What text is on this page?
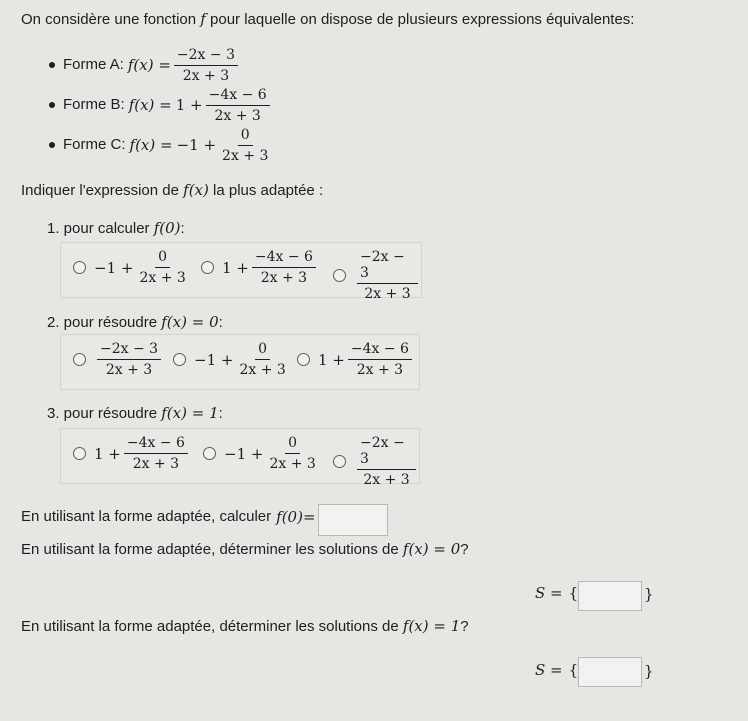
On considère une fonction f pour laquelle on dispose de plusieurs expressions équivalentes:
Forme A: $f(x) = \frac{-2x - 3}{2x + 3}$
Forme B: $f(x) = 1 + \frac{-4x - 6}{2x + 3}$
Forme C: $f(x) = -1 + \frac{0}{2x + 3}$
Indiquer l'expression de f(x) la plus adaptée :
1. pour calculer f(0):
$-1 + \frac{0}{2x + 3} 1 + \frac{-4x - 6}{2x + 3}$	$\frac{-2x - 3}{2x + 3}$
2. pour résoudre f(x) = 0:
$\frac{-2x - 3}{2x + 3} -1 + \frac{0}{2x + 3} 1 + \frac{-4x - 6}{2x + 3}$
3. pour résoudre f(x) = 1:
$1 + \frac{-4x - 6}{2x + 3} -1 + \frac{0}{2x + 3}$	$\frac{-2x - 3}{2x + 3}$
En utilisant la forme adaptée, calculer f(0) =
En utilisant la forme adaptée, déterminer les solutions de f(x) = 0?
S = {	}
En utilisant la forme adaptée, déterminer les solutions de f(x) = 1?
S = {	}
